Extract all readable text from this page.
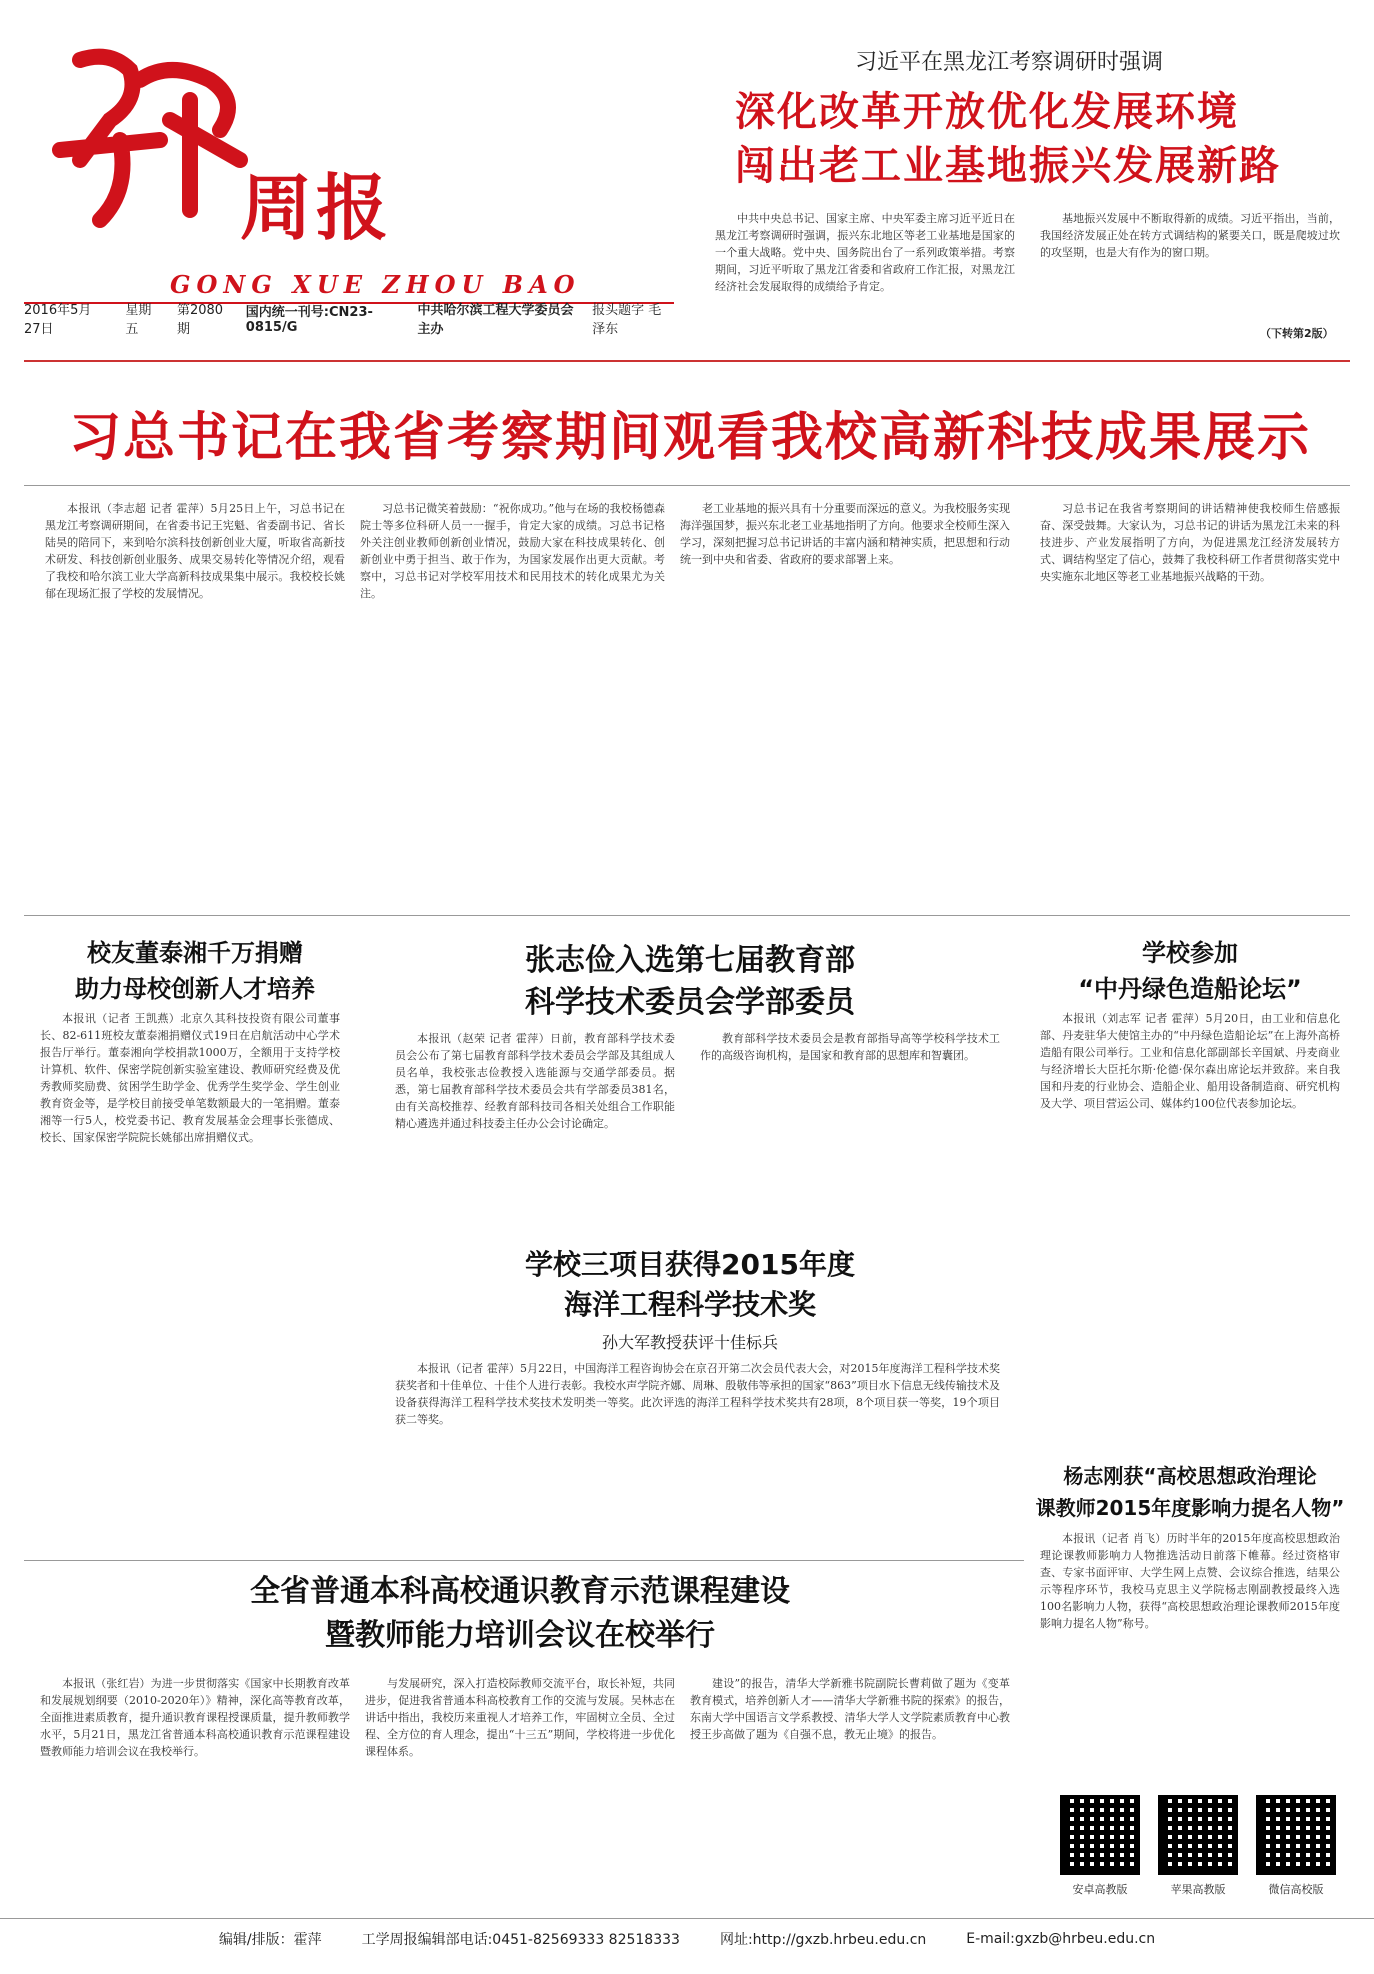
周报
GONG XUE ZHOU BAO
2016年5月27日
星期五
第2080期
国内统一刊号:CN23-0815/G
中共哈尔滨工程大学委员会主办
报头题字 毛泽东
习近平在黑龙江考察调研时强调
深化改革开放优化发展环境
闯出老工业基地振兴发展新路

中共中央总书记、国家主席、中央军委主席习近平近日在黑龙江考察调研时强调，振兴东北地区等老工业基地是国家的一个重大战略。党中央、国务院出台了一系列政策举措。考察期间，习近平听取了黑龙江省委和省政府工作汇报，对黑龙江经济社会发展取得的成绩给予肯定。

基地振兴发展中不断取得新的成绩。习近平指出，当前，我国经济发展正处在转方式调结构的紧要关口，既是爬坡过坎的攻坚期，也是大有作为的窗口期。

（下转第2版）
习总书记在我省考察期间观看我校高新科技成果展示

本报讯（李志超 记者 霍萍）5月25日上午，习总书记在黑龙江考察调研期间，在省委书记王宪魁、省委副书记、省长陆昊的陪同下，来到哈尔滨科技创新创业大厦，听取省高新技术研发、科技创新创业服务、成果交易转化等情况介绍，观看了我校和哈尔滨工业大学高新科技成果集中展示。我校校长姚郁在现场汇报了学校的发展情况。

习总书记微笑着鼓励：“祝你成功。”他与在场的我校杨德森院士等多位科研人员一一握手，肯定大家的成绩。习总书记格外关注创业教师创新创业情况，鼓励大家在科技成果转化、创新创业中勇于担当、敢于作为，为国家发展作出更大贡献。考察中，习总书记对学校军用技术和民用技术的转化成果尤为关注。

老工业基地的振兴具有十分重要而深远的意义。为我校服务实现海洋强国梦，振兴东北老工业基地指明了方向。他要求全校师生深入学习，深刻把握习总书记讲话的丰富内涵和精神实质，把思想和行动统一到中央和省委、省政府的要求部署上来。

习总书记在我省考察期间的讲话精神使我校师生倍感振奋、深受鼓舞。大家认为，习总书记的讲话为黑龙江未来的科技进步、产业发展指明了方向，为促进黑龙江经济发展转方式、调结构坚定了信心，鼓舞了我校科研工作者贯彻落实党中央实施东北地区等老工业基地振兴战略的干劲。

校友董泰湘千万捐赠
助力母校创新人才培养

本报讯（记者 王凯燕）北京久其科技投资有限公司董事长、82-611班校友董泰湘捐赠仪式19日在启航活动中心学术报告厅举行。董泰湘向学校捐款1000万，全额用于支持学校计算机、软件、保密学院创新实验室建设、教师研究经费及优秀教师奖励费、贫困学生助学金、优秀学生奖学金、学生创业教育资金等，是学校目前接受单笔数额最大的一笔捐赠。董泰湘等一行5人，校党委书记、教育发展基金会理事长张德成、校长、国家保密学院院长姚郁出席捐赠仪式。

张志俭入选第七届教育部
科学技术委员会学部委员

本报讯（赵荣 记者 霍萍）日前，教育部科学技术委员会公布了第七届教育部科学技术委员会学部及其组成人员名单，我校张志俭教授入选能源与交通学部委员。据悉，第七届教育部科学技术委员会共有学部委员381名，由有关高校推荐、经教育部科技司各相关处组合工作职能精心遴选并通过科技委主任办公会讨论确定。

教育部科学技术委员会是教育部指导高等学校科学技术工作的高级咨询机构，是国家和教育部的思想库和智囊团。

学校三项目获得2015年度
海洋工程科学技术奖
孙大军教授获评十佳标兵

本报讯（记者 霍萍）5月22日，中国海洋工程咨询协会在京召开第二次会员代表大会，对2015年度海洋工程科学技术奖获奖者和十佳单位、十佳个人进行表彰。我校水声学院齐娜、周琳、殷敬伟等承担的国家“863”项目水下信息无线传输技术及设备获得海洋工程科学技术奖技术发明类一等奖。此次评选的海洋工程科学技术奖共有28项，8个项目获一等奖，19个项目获二等奖。

学校参加
“中丹绿色造船论坛”

本报讯（刘志军 记者 霍萍）5月20日，由工业和信息化部、丹麦驻华大使馆主办的“中丹绿色造船论坛”在上海外高桥造船有限公司举行。工业和信息化部副部长辛国斌、丹麦商业与经济增长大臣托尔斯·伦德·保尔森出席论坛并致辞。来自我国和丹麦的行业协会、造船企业、船用设备制造商、研究机构及大学、项目营运公司、媒体约100位代表参加论坛。

杨志刚获“高校思想政治理论
课教师2015年度影响力提名人物”

本报讯（记者 肖飞）历时半年的2015年度高校思想政治理论课教师影响力人物推选活动日前落下帷幕。经过资格审查、专家书面评审、大学生网上点赞、会议综合推选，结果公示等程序环节，我校马克思主义学院杨志刚副教授最终入选100名影响力人物，获得“高校思想政治理论课教师2015年度影响力提名人物”称号。

全省普通本科高校通识教育示范课程建设
暨教师能力培训会议在校举行

本报讯（张红岩）为进一步贯彻落实《国家中长期教育改革和发展规划纲要（2010-2020年）》精神，深化高等教育改革，全面推进素质教育，提升通识教育课程授课质量，提升教师教学水平，5月21日，黑龙江省普通本科高校通识教育示范课程建设暨教师能力培训会议在我校举行。

与发展研究，深入打造校际教师交流平台，取长补短，共同进步，促进我省普通本科高校教育工作的交流与发展。吴林志在讲话中指出，我校历来重视人才培养工作，牢固树立全员、全过程、全方位的育人理念，提出“十三五”期间，学校将进一步优化课程体系。

建设”的报告，清华大学新雅书院副院长曹莉做了题为《变革教育模式，培养创新人才——清华大学新雅书院的探索》的报告，东南大学中国语言文学系教授、清华大学人文学院素质教育中心教授王步高做了题为《自强不息，教无止境》的报告。

安卓高教版	苹果高教版	微信高校版
编辑/排版：霍萍	工学周报编辑部电话:0451-82569333 82518333	网址:http://gxzb.hrbeu.edu.cn	E-mail:gxzb@hrbeu.edu.cn
